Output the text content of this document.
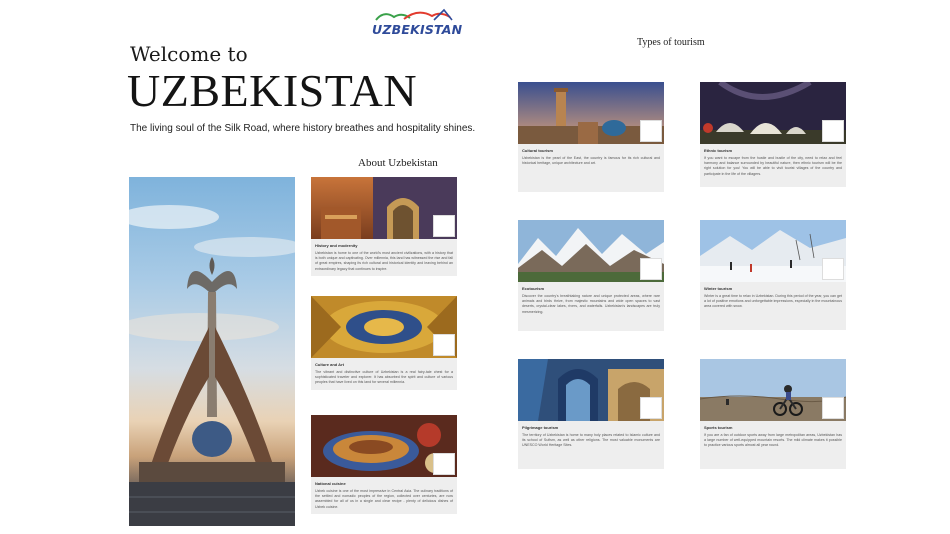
UZBEKISTAN
Welcome to
UZBEKISTAN
The living soul of the Silk Road, where history breathes and hospitality shines.
About Uzbekistan
History and modernity
Uzbekistan is home to one of the world's most ancient civilizations, with a history that is both unique and captivating. Over millennia, this land has witnessed the rise and fall of great empires, shaping its rich cultural and historical identity and leaving behind an extraordinary legacy that continues to inspire.
Culture and Art
The vibrant and distinctive culture of Uzbekistan is a real fairy-tale chest for a sophisticated traveler and explorer. It has absorbed the spirit and culture of various peoples that have lived on this land for several millennia.
National cuisine
Uzbek cuisine is one of the most impressive in Central Asia. The culinary traditions of the settled and nomadic peoples of the region, collected over centuries, are now assembled for all of us in a single and clear recipe - plenty of delicious dishes of Uzbek cuisine.
Types of tourism
Cultural tourism
Uzbekistan is the pearl of the East, the country is famous for its rich cultural and historical heritage, unique architecture and art.
Ethnic tourism
If you want to escape from the hustle and bustle of the city, need to relax and feel harmony and balance surrounded by beautiful nature, then ethnic tourism will be the right solution for you! You will be able to visit tourist villages of the country and participate in the life of the villagers.
Ecotourism
Discover the country's breathtaking nature and unique protected areas, where rare animals and birds thrive, from majestic mountains and wide open spaces to vast deserts, crystal-clear lakes, rivers, and waterfalls. Uzbekistan's landscapes are truly mesmerizing.
Winter tourism
Winter is a great time to relax in Uzbekistan. During this period of the year, you can get a lot of positive emotions and unforgettable impressions, especially in the mountainous area covered with snow.
Pilgrimage tourism
The territory of Uzbekistan is home to many holy places related to Islamic culture and its school of Sufism, as well as other religions. The most valuable monuments are UNESCO World Heritage Sites.
Sports tourism
If you are a fan of outdoor sports away from large metropolitan areas, Uzbekistan has a large number of well-equipped mountain resorts. The mild climate makes it possible to practice various sports almost all year round.
